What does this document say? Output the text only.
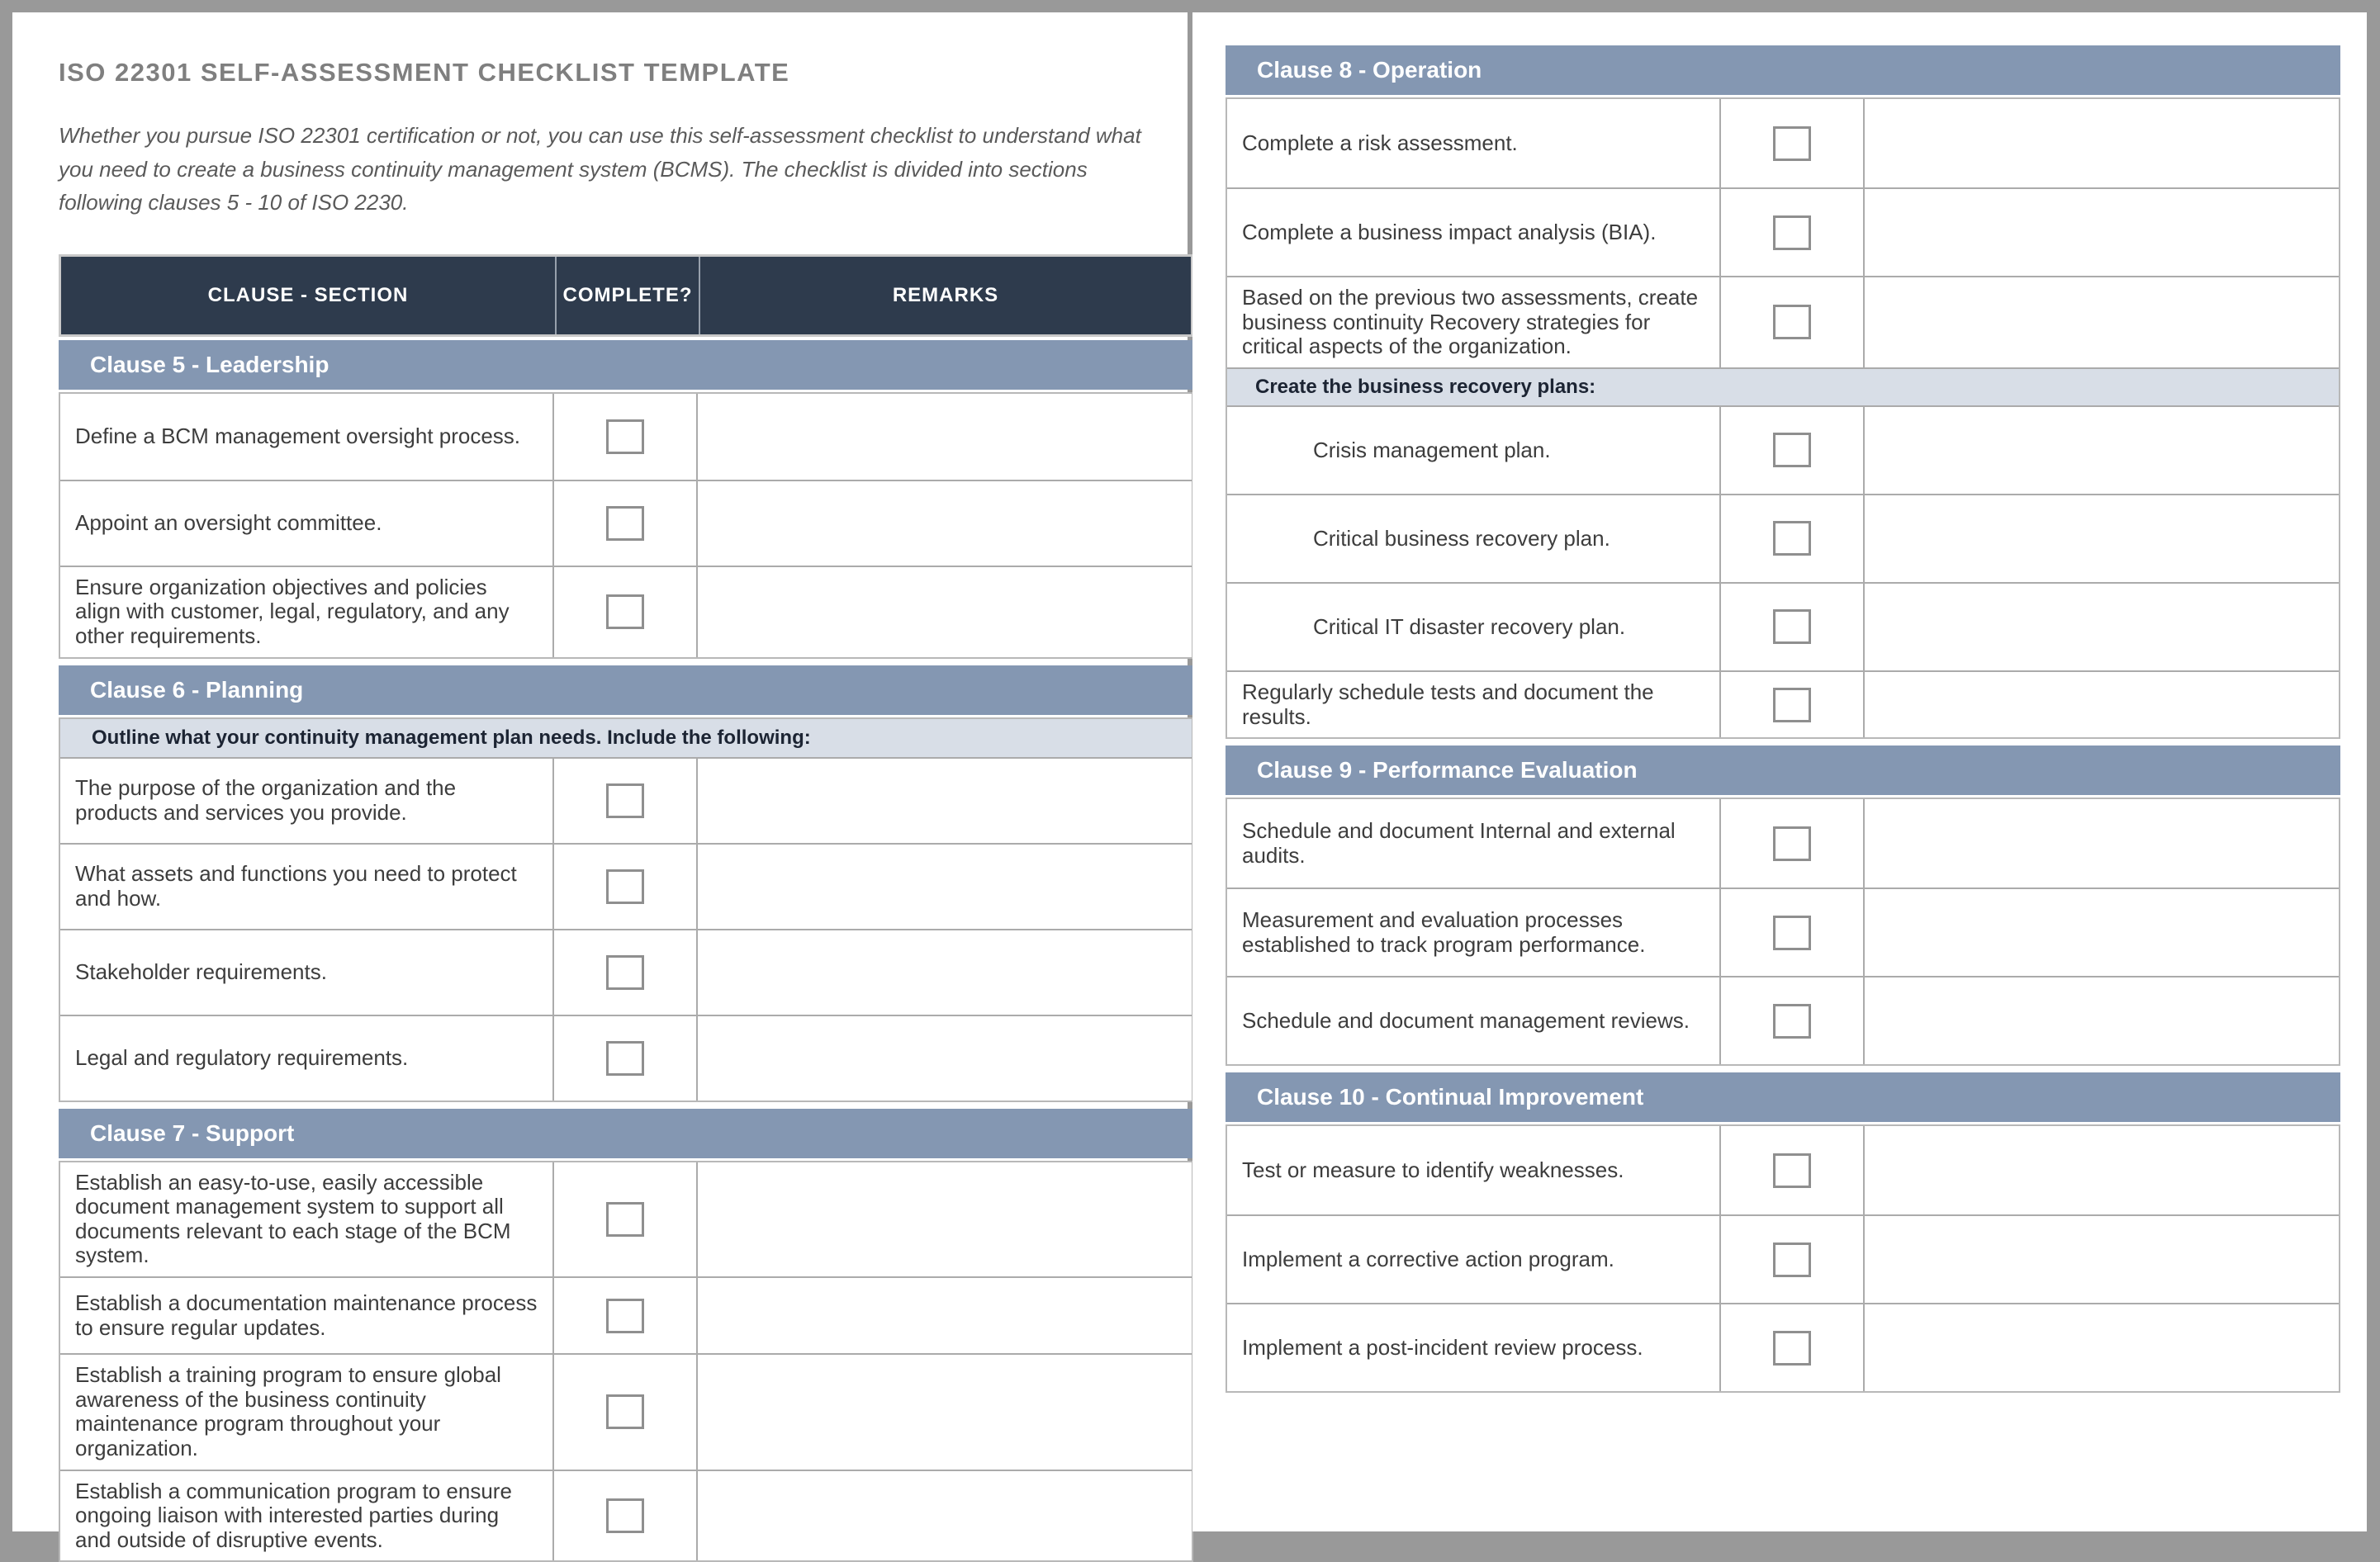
ISO 22301 SELF-ASSESSMENT CHECKLIST TEMPLATE
Whether you pursue ISO 22301 certification or not, you can use this self-assessment checklist to understand what you need to create a business continuity management system (BCMS). The checklist is divided into sections following clauses 5 - 10 of ISO 2230.
CLAUSE - SECTION	COMPLETE?	REMARKS
Clause 5 - Leadership
Define a BCM management oversight process.
Appoint an oversight committee.
Ensure organization objectives and policies align with customer, legal, regulatory, and any other requirements.
Clause 6 - Planning
Outline what your continuity management plan needs. Include the following:
The purpose of the organization and the products and services you provide.
What assets and functions you need to protect and how.
Stakeholder requirements.
Legal and regulatory requirements.
Clause 7 - Support
Establish an easy-to-use, easily accessible document management system to support all documents relevant to each stage of the BCM system.
Establish a documentation maintenance process to ensure regular updates.
Establish a training program to ensure global awareness of the business continuity maintenance program throughout your organization.
Establish a communication program to ensure ongoing liaison with interested parties during and outside of disruptive events.
Clause 8 - Operation
Complete a risk assessment.
Complete a business impact analysis (BIA).
Based on the previous two assessments, create business continuity Recovery strategies for critical aspects of the organization.
Create the business recovery plans:
Crisis management plan.
Critical business recovery plan.
Critical IT disaster recovery plan.
Regularly schedule tests and document the results.
Clause 9 - Performance Evaluation
Schedule and document Internal and external audits.
Measurement and evaluation processes established to track program performance.
Schedule and document management reviews.
Clause 10 - Continual Improvement
Test or measure to identify weaknesses.
Implement a corrective action program.
Implement a post-incident review process.
